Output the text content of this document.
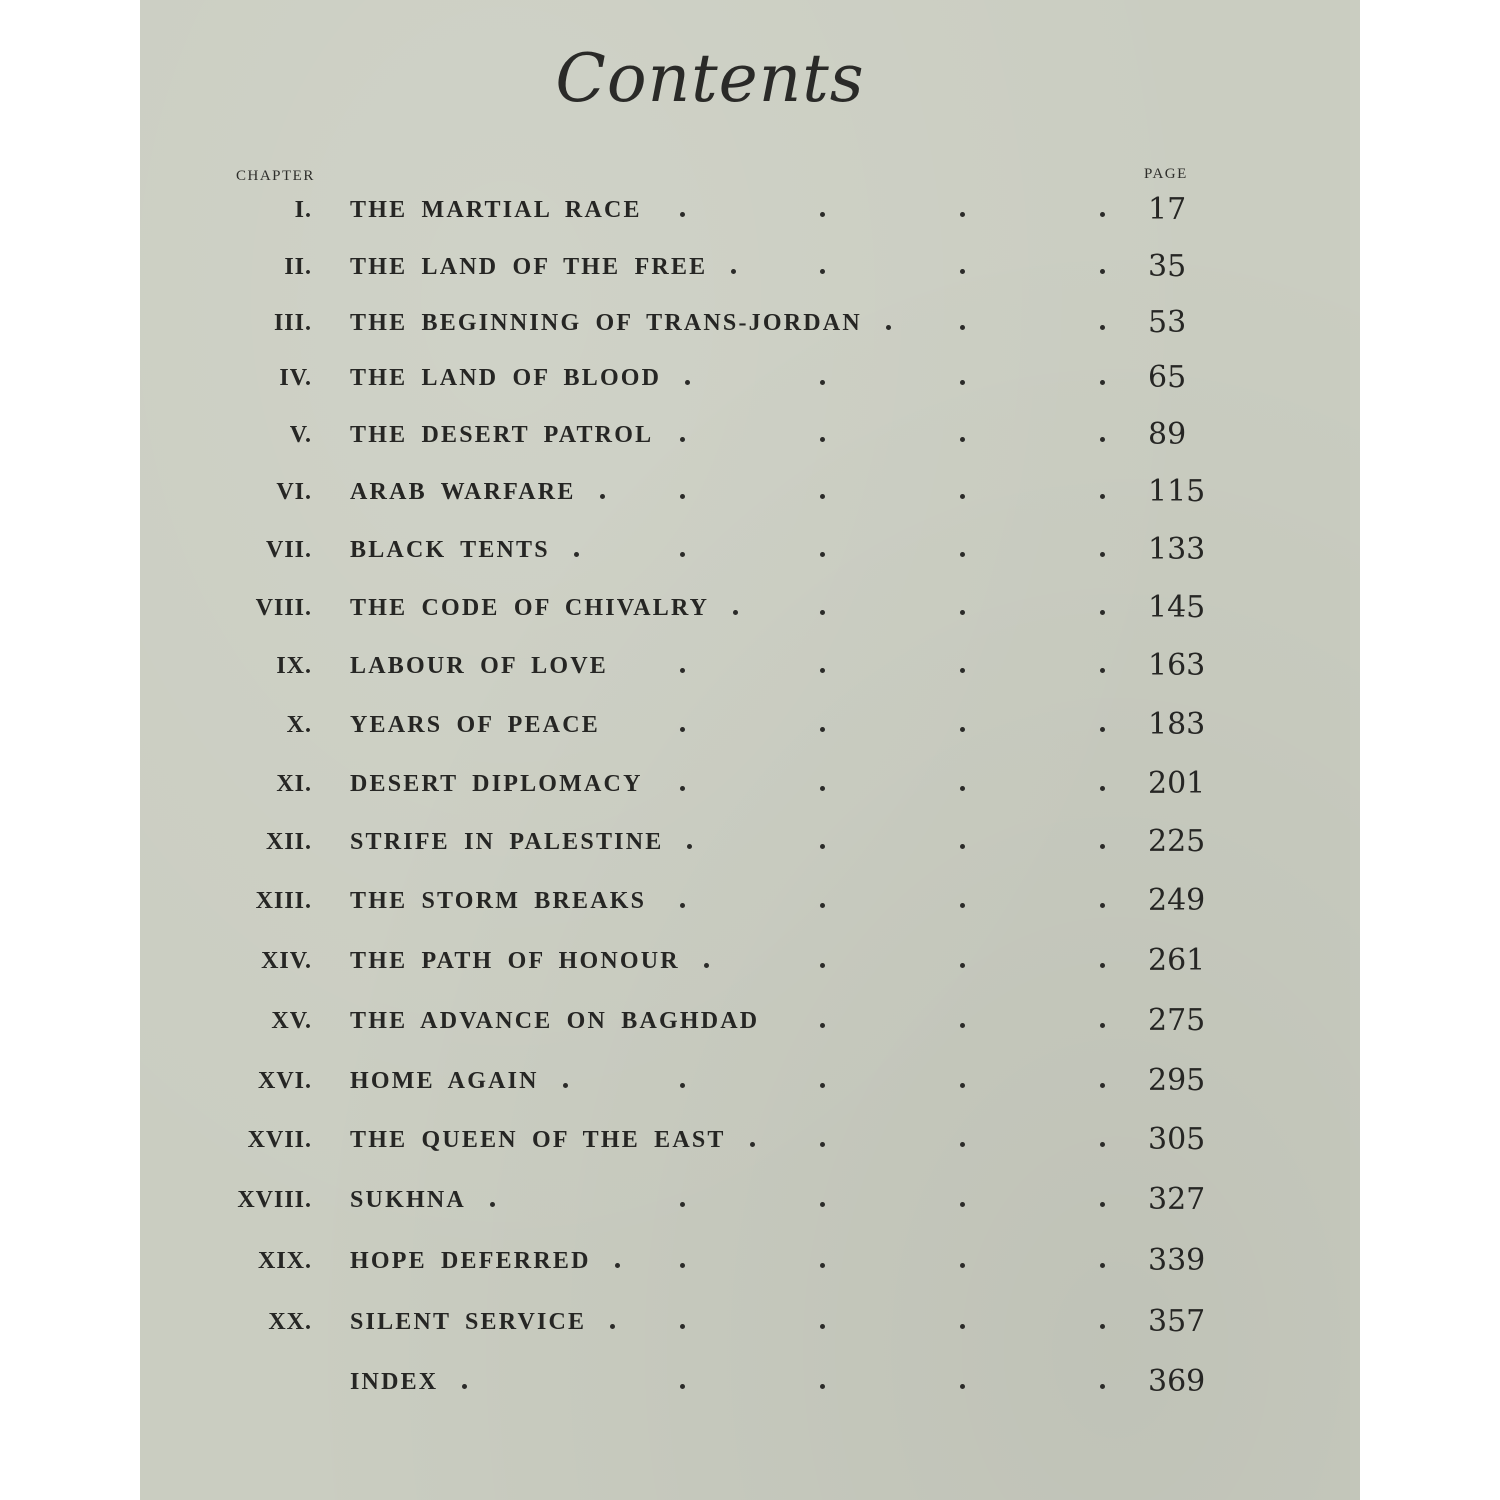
Contents
CHAPTER	PAGE
I. THE MARTIAL RACE	17
II. THE LAND OF THE FREE	35
III. THE BEGINNING OF TRANS-JORDAN	53
IV. THE LAND OF BLOOD	65
V. THE DESERT PATROL	89
VI. ARAB WARFARE	115
VII. BLACK TENTS	133
VIII. THE CODE OF CHIVALRY	145
IX. LABOUR OF LOVE	163
X. YEARS OF PEACE	183
XI. DESERT DIPLOMACY	201
XII. STRIFE IN PALESTINE	225
XIII. THE STORM BREAKS	249
XIV. THE PATH OF HONOUR	261
XV. THE ADVANCE ON BAGHDAD	275
XVI. HOME AGAIN	295
XVII. THE QUEEN OF THE EAST	305
XVIII. SUKHNA	327
XIX. HOPE DEFERRED	339
XX. SILENT SERVICE	357
INDEX	369
